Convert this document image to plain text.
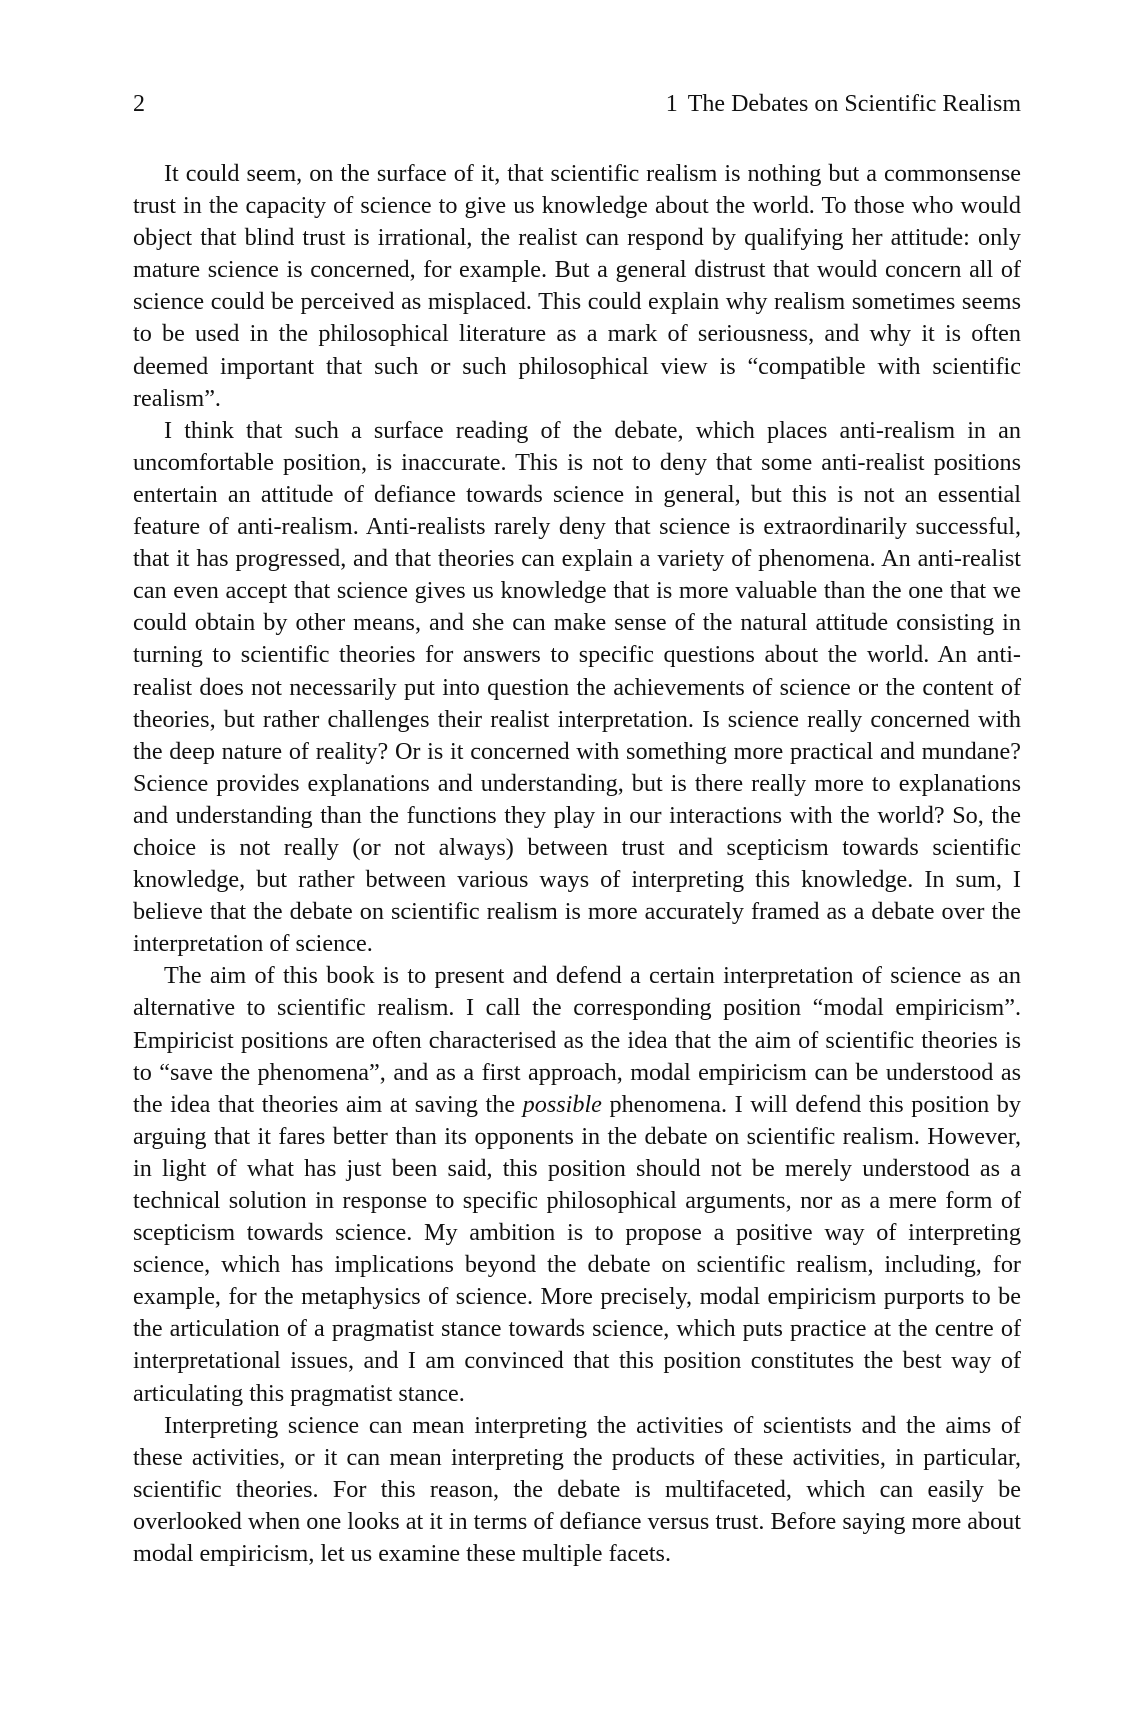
2	1 The Debates on Scientific Realism

It could seem, on the surface of it, that scientific realism is nothing but a commonsense trust in the capacity of science to give us knowledge about the world. To those who would object that blind trust is irrational, the realist can respond by qualifying her attitude: only mature science is concerned, for example. But a general distrust that would concern all of science could be perceived as misplaced. This could explain why realism sometimes seems to be used in the philosophical literature as a mark of seriousness, and why it is often deemed important that such or such philosophical view is “compatible with scientific realism”.

I think that such a surface reading of the debate, which places anti-realism in an uncomfortable position, is inaccurate. This is not to deny that some anti-realist positions entertain an attitude of defiance towards science in general, but this is not an essential feature of anti-realism. Anti-realists rarely deny that science is extraordinarily successful, that it has progressed, and that theories can explain a variety of phenomena. An anti-realist can even accept that science gives us knowledge that is more valuable than the one that we could obtain by other means, and she can make sense of the natural attitude consisting in turning to scientific theories for answers to specific questions about the world. An anti-realist does not necessarily put into question the achievements of science or the content of theories, but rather challenges their realist interpretation. Is science really concerned with the deep nature of reality? Or is it concerned with something more practical and mundane? Science provides explanations and understanding, but is there really more to explanations and understanding than the functions they play in our interactions with the world? So, the choice is not really (or not always) between trust and scepticism towards scientific knowledge, but rather between various ways of interpreting this knowledge. In sum, I believe that the debate on scientific realism is more accurately framed as a debate over the interpretation of science.

The aim of this book is to present and defend a certain interpretation of science as an alternative to scientific realism. I call the corresponding position “modal empiricism”. Empiricist positions are often characterised as the idea that the aim of scientific theories is to “save the phenomena”, and as a first approach, modal empiricism can be understood as the idea that theories aim at saving the possible phenomena. I will defend this position by arguing that it fares better than its opponents in the debate on scientific realism. However, in light of what has just been said, this position should not be merely understood as a technical solution in response to specific philosophical arguments, nor as a mere form of scepticism towards science. My ambition is to propose a positive way of interpreting science, which has implications beyond the debate on scientific realism, including, for example, for the metaphysics of science. More precisely, modal empiricism purports to be the articulation of a pragmatist stance towards science, which puts practice at the centre of interpretational issues, and I am convinced that this position constitutes the best way of articulating this pragmatist stance.

Interpreting science can mean interpreting the activities of scientists and the aims of these activities, or it can mean interpreting the products of these activities, in particular, scientific theories. For this reason, the debate is multifaceted, which can easily be overlooked when one looks at it in terms of defiance versus trust. Before saying more about modal empiricism, let us examine these multiple facets.
